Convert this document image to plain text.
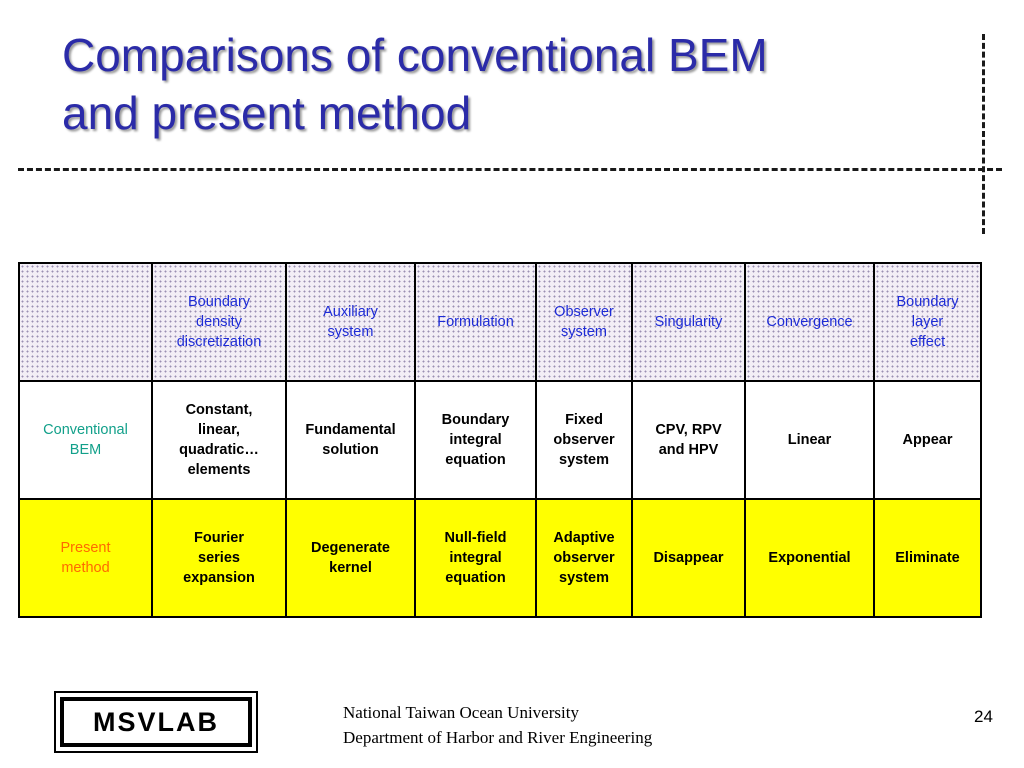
Comparisons of conventional BEM
and present method
	Boundary
density
discretization	Auxiliary
system	Formulation	Observer
system	Singularity	Convergence	Boundary
layer
effect
Conventional
BEM	Constant,
linear,
quadratic…
elements	Fundamental
solution	Boundary
integral
equation	Fixed
observer
system	CPV, RPV
and HPV	Linear	Appear
Present
method	Fourier
series
expansion	Degenerate
kernel	Null-field
integral
equation	Adaptive
observer
system	Disappear	Exponential	Eliminate
MSVLAB	National Taiwan Ocean University
Department of Harbor and River Engineering
24
